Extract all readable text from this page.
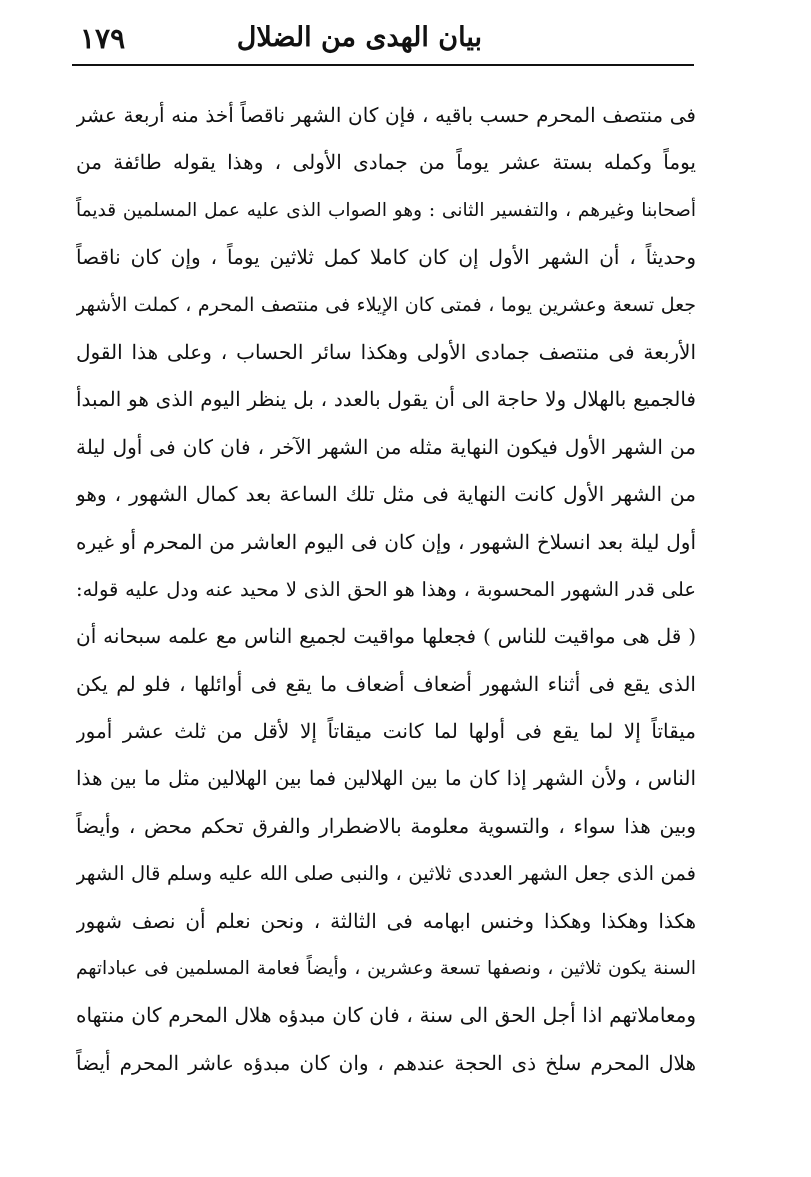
بيان الهدى من الضلال
١٧٩
فى منتصف المحرم حسب باقيه ، فإن كان الشهر ناقصاً أخذ منه أربعة عشر
يوماً وكمله بستة عشر يوماً من جمادى الأولى ، وهذا يقوله طائفة من
أصحابنا وغيرهم ، والتفسير الثانى : وهو الصواب الذى عليه عمل المسلمين قديماً
وحديثاً ، أن الشهر الأول إن كان كاملا كمل ثلاثين يوماً ، وإن كان ناقصاً
جعل تسعة وعشرين يوما ، فمتى كان الإيلاء فى منتصف المحرم ، كملت الأشهر
الأربعة فى منتصف جمادى الأولى وهكذا سائر الحساب ، وعلى هذا القول
فالجميع بالهلال ولا حاجة الى أن يقول بالعدد ، بل ينظر اليوم الذى هو المبدأ
من الشهر الأول فيكون النهاية مثله من الشهر الآخر ، فان كان فى أول ليلة
من الشهر الأول كانت النهاية فى مثل تلك الساعة بعد كمال الشهور ، وهو
أول ليلة بعد انسلاخ الشهور ، وإن كان فى اليوم العاشر من المحرم أو غيره
على قدر الشهور المحسوبة ، وهذا هو الحق الذى لا محيد عنه ودل عليه قوله:
( قل هى مواقيت للناس ) فجعلها مواقيت لجميع الناس مع علمه سبحانه أن
الذى يقع فى أثناء الشهور أضعاف أضعاف ما يقع فى أوائلها ، فلو لم يكن
ميقاتاً إلا لما يقع فى أولها لما كانت ميقاتاً إلا لأقل من ثلث عشر أمور
الناس ، ولأن الشهر إذا كان ما بين الهلالين فما بين الهلالين مثل ما بين هذا
وبين هذا سواء ، والتسوية معلومة بالاضطرار والفرق تحكم محض ، وأيضاً
فمن الذى جعل الشهر العددى ثلاثين ، والنبى صلى الله عليه وسلم قال الشهر
هكذا وهكذا وهكذا وخنس ابهامه فى الثالثة ، ونحن نعلم أن نصف شهور
السنة يكون ثلاثين ، ونصفها تسعة وعشرين ، وأيضاً فعامة المسلمين فى عباداتهم
ومعاملاتهم اذا أجل الحق الى سنة ، فان كان مبدؤه هلال المحرم كان منتهاه
هلال المحرم سلخ ذى الحجة عندهم ، وان كان مبدؤه عاشر المحرم أيضاً
